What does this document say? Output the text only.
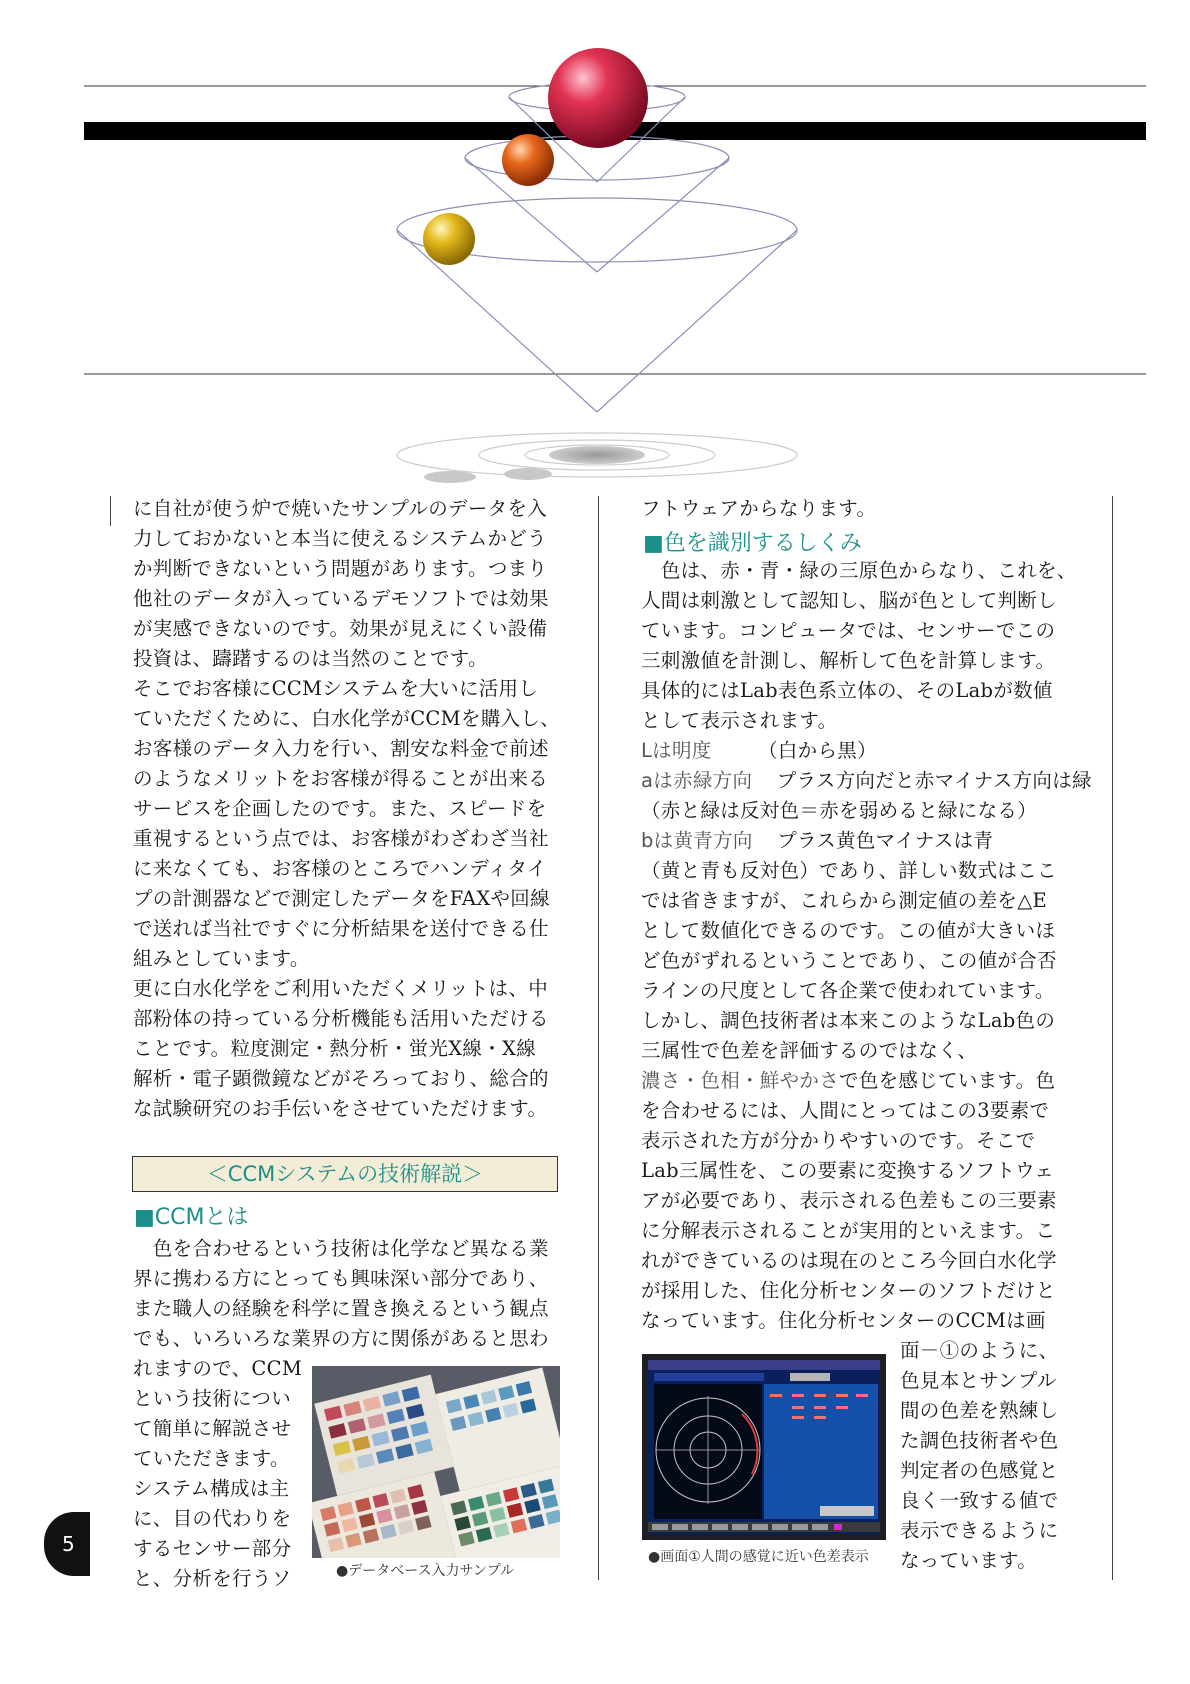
に自社が使う炉で焼いたサンプルのデータを入
力しておかないと本当に使えるシステムかどう
か判断できないという問題があります。つまり
他社のデータが入っているデモソフトでは効果
が実感できないのです。効果が見えにくい設備
投資は、躊躇するのは当然のことです。
そこでお客様にCCMシステムを大いに活用し
ていただくために、白水化学がCCMを購入し、
お客様のデータ入力を行い、割安な料金で前述
のようなメリットをお客様が得ることが出来る
サービスを企画したのです。また、スピードを
重視するという点では、お客様がわざわざ当社
に来なくても、お客様のところでハンディタイ
プの計測器などで測定したデータをFAXや回線
で送れば当社ですぐに分析結果を送付できる仕
組みとしています。
更に白水化学をご利用いただくメリットは、中
部粉体の持っている分析機能も活用いただける
ことです。粒度測定・熱分析・蛍光X線・X線
解析・電子顕微鏡などがそろっており、総合的
な試験研究のお手伝いをさせていただけます。
＜CCMシステムの技術解説＞
■CCMとは
　色を合わせるという技術は化学など異なる業
界に携わる方にとっても興味深い部分であり、
また職人の経験を科学に置き換えるという観点
でも、いろいろな業界の方に関係があると思わ
れますので、CCM
という技術につい
て簡単に解説させ
ていただきます。
システム構成は主
に、目の代わりを
するセンサー部分
と、分析を行うソ	●データベース入力サンプル
5
フトウェアからなります。
■色を識別するしくみ
　色は、赤・青・緑の三原色からなり、これを、
人間は刺激として認知し、脳が色として判断し
ています。コンピュータでは、センサーでこの
三刺激値を計測し、解析して色を計算します。
具体的にはLab表色系立体の、そのLabが数値
として表示されます。
Lは明度 （白から黒）
aは赤緑方向 プラス方向だと赤マイナス方向は緑
（赤と緑は反対色＝赤を弱めると緑になる）
bは黄青方向 プラス黄色マイナスは青
（黄と青も反対色）であり、詳しい数式はここ
では省きますが、これらから測定値の差を△E
として数値化できるのです。この値が大きいほ
ど色がずれるということであり、この値が合否
ラインの尺度として各企業で使われています。
しかし、調色技術者は本来このようなLab色の
三属性で色差を評価するのではなく、
濃さ・色相・鮮やかさで色を感じています。色
を合わせるには、人間にとってはこの3要素で
表示された方が分かりやすいのです。そこで
Lab三属性を、この要素に変換するソフトウェ
アが必要であり、表示される色差もこの三要素
に分解表示されることが実用的といえます。こ
れができているのは現在のところ今回白水化学
が採用した、住化分析センターのソフトだけと
なっています。住化分析センターのCCMは画
面－①のように、
色見本とサンプル
間の色差を熟練し
た調色技術者や色
判定者の色感覚と
良く一致する値で
表示できるように
なっています。
●画面①人間の感覚に近い色差表示
